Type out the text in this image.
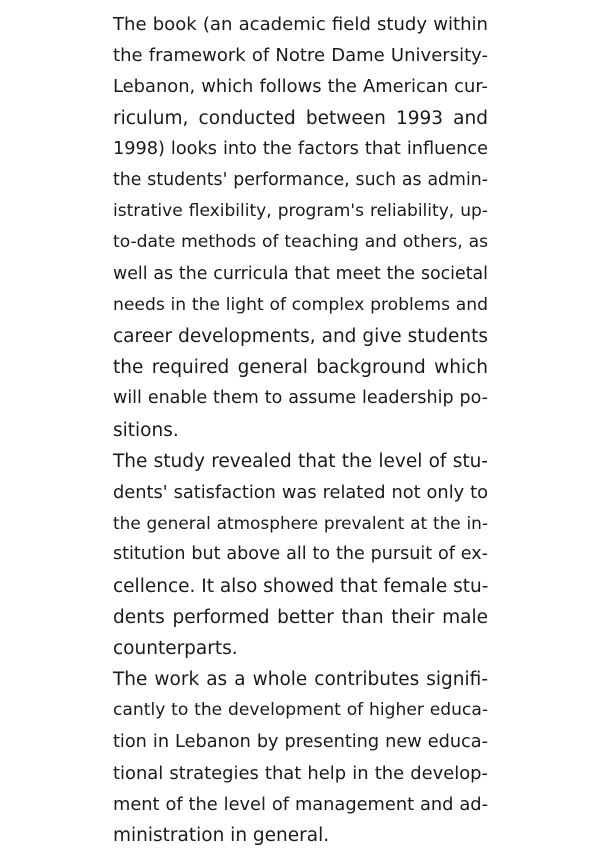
The book (an academic field study within
the framework of Notre Dame University-
Lebanon, which follows the American cur-
riculum, conducted between 1993 and
1998) looks into the factors that influence
the students' performance, such as admin-
istrative flexibility, program's reliability, up-
to-date methods of teaching and others, as
well as the curricula that meet the societal
needs in the light of complex problems and
career developments, and give students
the required general background which
will enable them to assume leadership po-
sitions.
The study revealed that the level of stu-
dents' satisfaction was related not only to
the general atmosphere prevalent at the in-
stitution but above all to the pursuit of ex-
cellence. It also showed that female stu-
dents performed better than their male
counterparts.
The work as a whole contributes signifi-
cantly to the development of higher educa-
tion in Lebanon by presenting new educa-
tional strategies that help in the develop-
ment of the level of management and ad-
ministration in general.
